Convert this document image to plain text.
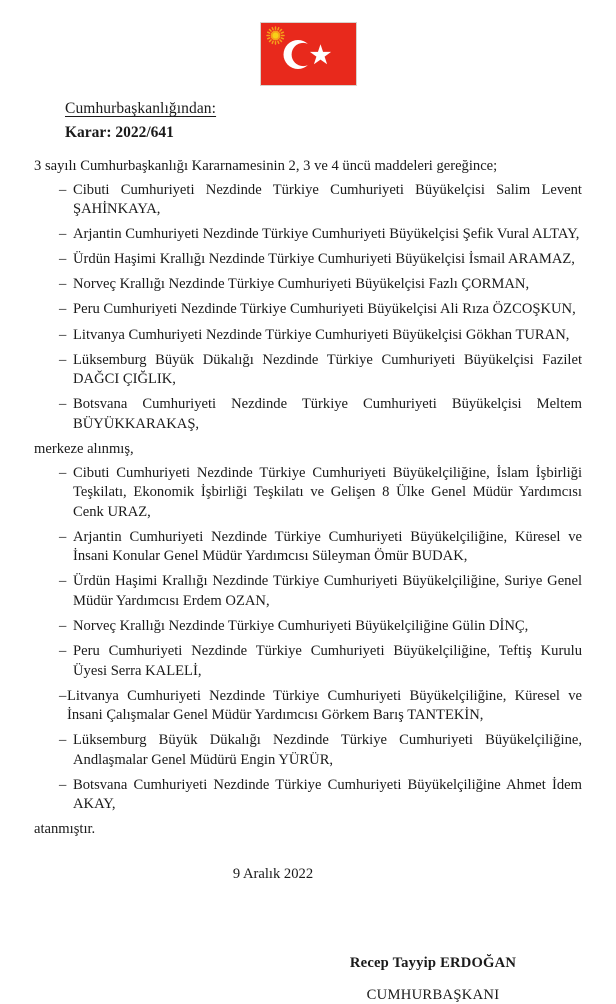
Cumhurbaşkanlığından:
Karar: 2022/641
3 sayılı Cumhurbaşkanlığı Kararnamesinin 2, 3 ve 4 üncü maddeleri gereğince;
– Cibuti Cumhuriyeti Nezdinde Türkiye Cumhuriyeti Büyükelçisi Salim Levent ŞAHİNKAYA,
– Arjantin Cumhuriyeti Nezdinde Türkiye Cumhuriyeti Büyükelçisi Şefik Vural ALTAY,
– Ürdün Haşimi Krallığı Nezdinde Türkiye Cumhuriyeti Büyükelçisi İsmail ARAMAZ,
– Norveç Krallığı Nezdinde Türkiye Cumhuriyeti Büyükelçisi Fazlı ÇORMAN,
– Peru Cumhuriyeti Nezdinde Türkiye Cumhuriyeti Büyükelçisi Ali Rıza ÖZCOŞKUN,
– Litvanya Cumhuriyeti Nezdinde Türkiye Cumhuriyeti Büyükelçisi Gökhan TURAN,
– Lüksemburg Büyük Dükalığı Nezdinde Türkiye Cumhuriyeti Büyükelçisi Fazilet DAĞCI ÇIĞLIK,
– Botsvana Cumhuriyeti Nezdinde Türkiye Cumhuriyeti Büyükelçisi Meltem BÜYÜKKARAKAŞ,
merkeze alınmış,
– Cibuti Cumhuriyeti Nezdinde Türkiye Cumhuriyeti Büyükelçiliğine, İslam İşbirliği Teşkilatı, Ekonomik İşbirliği Teşkilatı ve Gelişen 8 Ülke Genel Müdür Yardımcısı Cenk URAZ,
– Arjantin Cumhuriyeti Nezdinde Türkiye Cumhuriyeti Büyükelçiliğine, Küresel ve İnsani Konular Genel Müdür Yardımcısı Süleyman Ömür BUDAK,
– Ürdün Haşimi Krallığı Nezdinde Türkiye Cumhuriyeti Büyükelçiliğine, Suriye Genel Müdür Yardımcısı Erdem OZAN,
– Norveç Krallığı Nezdinde Türkiye Cumhuriyeti Büyükelçiliğine Gülin DİNÇ,
– Peru Cumhuriyeti Nezdinde Türkiye Cumhuriyeti Büyükelçiliğine, Teftiş Kurulu Üyesi Serra KALELİ,
– Litvanya Cumhuriyeti Nezdinde Türkiye Cumhuriyeti Büyükelçiliğine, Küresel ve İnsani Çalışmalar Genel Müdür Yardımcısı Görkem Barış TANTEKİN,
– Lüksemburg Büyük Dükalığı Nezdinde Türkiye Cumhuriyeti Büyükelçiliğine, Andlaşmalar Genel Müdürü Engin YÜRÜR,
– Botsvana Cumhuriyeti Nezdinde Türkiye Cumhuriyeti Büyükelçiliğine Ahmet İdem AKAY,
atanmıştır.
9 Aralık 2022
Recep Tayyip ERDOĞAN
CUMHURBAŞKANI
